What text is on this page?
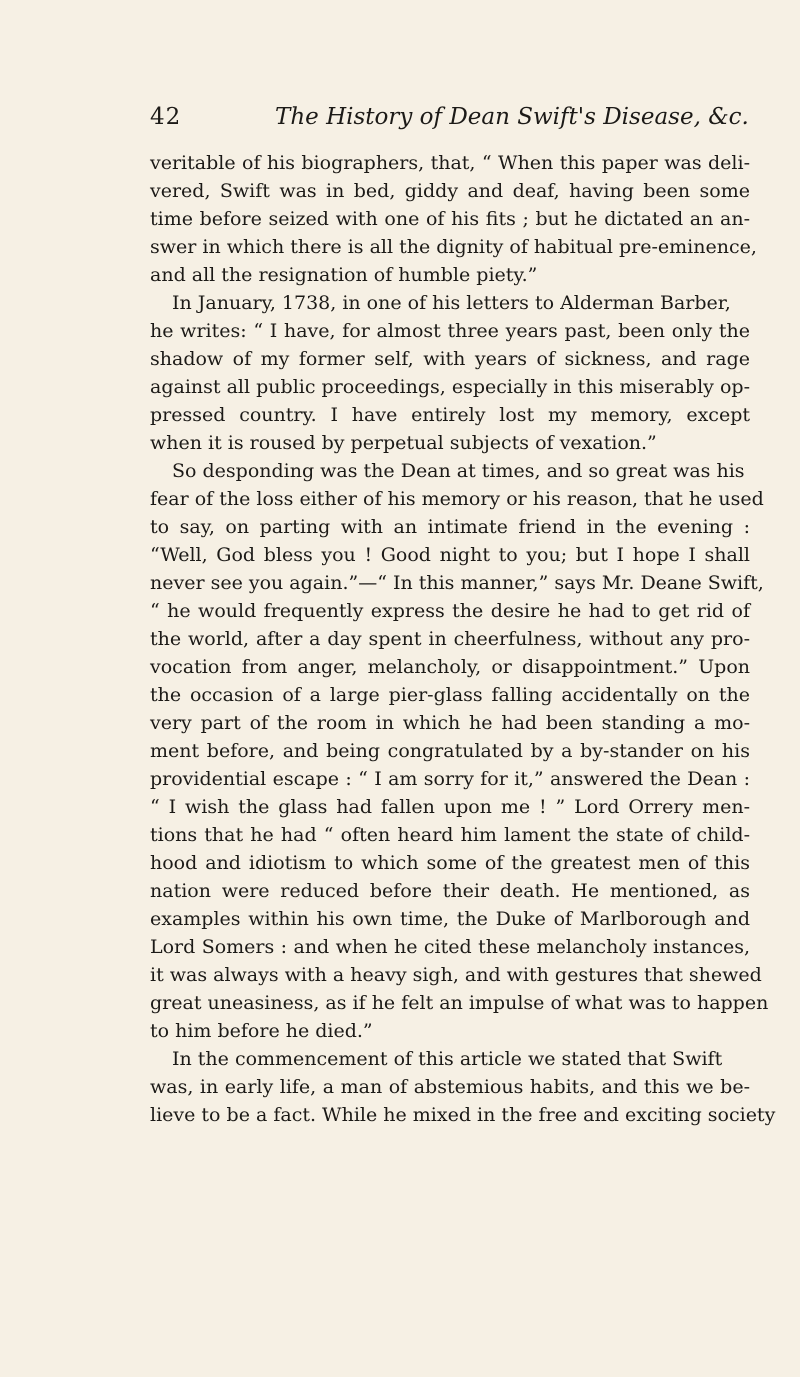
42	The History of Dean Swift's Disease, &c.
veritable of his biographers, that, “ When this paper was deli-
vered, Swift was in bed, giddy and deaf, having been some
time before seized with one of his fits ; but he dictated an an-
swer in which there is all the dignity of habitual pre-eminence,
and all the resignation of humble piety.”
In January, 1738, in one of his letters to Alderman Barber,
he writes: “ I have, for almost three years past, been only the
shadow of my former self, with years of sickness, and rage
against all public proceedings, especially in this miserably op-
pressed country. I have entirely lost my memory, except
when it is roused by perpetual subjects of vexation.”
So desponding was the Dean at times, and so great was his
fear of the loss either of his memory or his reason, that he used
to say, on parting with an intimate friend in the evening :
“Well, God bless you ! Good night to you; but I hope I shall
never see you again.”—“ In this manner,” says Mr. Deane Swift,
“ he would frequently express the desire he had to get rid of
the world, after a day spent in cheerfulness, without any pro-
vocation from anger, melancholy, or disappointment.” Upon
the occasion of a large pier-glass falling accidentally on the
very part of the room in which he had been standing a mo-
ment before, and being congratulated by a by-stander on his
providential escape : “ I am sorry for it,” answered the Dean :
“ I wish the glass had fallen upon me ! ” Lord Orrery men-
tions that he had “ often heard him lament the state of child-
hood and idiotism to which some of the greatest men of this
nation were reduced before their death. He mentioned, as
examples within his own time, the Duke of Marlborough and
Lord Somers : and when he cited these melancholy instances,
it was always with a heavy sigh, and with gestures that shewed
great uneasiness, as if he felt an impulse of what was to happen
to him before he died.”
In the commencement of this article we stated that Swift
was, in early life, a man of abstemious habits, and this we be-
lieve to be a fact. While he mixed in the free and exciting society
